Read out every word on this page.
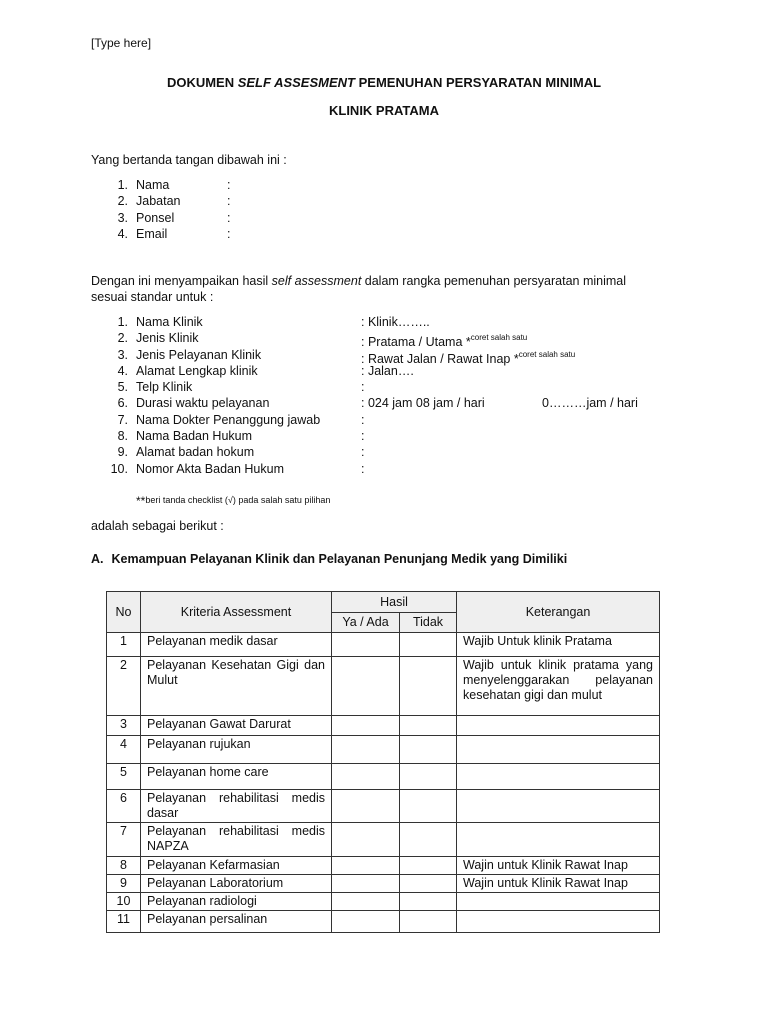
[Type here]
DOKUMEN SELF ASSESMENT PEMENUHAN PERSYARATAN MINIMAL
KLINIK PRATAMA
Yang bertanda tangan dibawah ini :
1. Nama	:
2. Jabatan	:
3. Ponsel	:
4. Email	:
Dengan ini menyampaikan hasil self assessment dalam rangka pemenuhan persyaratan minimal
sesuai standar untuk :
1. Nama Klinik	: Klinik……..
2. Jenis Klinik	: Pratama / Utama *$^{coret salah satu}$
3. Jenis Pelayanan Klinik	: Rawat Jalan / Rawat Inap *$^{coret salah satu}$
4. Alamat Lengkap klinik	: Jalan….
5. Telp Klinik	:
6. Durasi waktu pelayanan	: 024 jam 08 jam / hari	0………jam / hari
7. Nama Dokter Penanggung jawab	:
8. Nama Badan Hukum	:
9. Alamat badan hokum	:
10. Nomor Akta Badan Hukum	:
**beri tanda checklist (√) pada salah satu pilihan
adalah sebagai berikut :
A. Kemampuan Pelayanan Klinik dan Pelayanan Penunjang Medik yang Dimiliki
No	Kriteria Assessment	Hasil		Keterangan
		Ya / Ada	Tidak	
1	Pelayanan medik dasar			Wajib Untuk klinik Pratama
2	Pelayanan Kesehatan Gigi dan Mulut			Wajib untuk klinik pratama yang menyelenggarakan pelayanan kesehatan gigi dan mulut
3	Pelayanan Gawat Darurat			
4	Pelayanan rujukan			
5	Pelayanan home care			
6	Pelayanan rehabilitasi medis dasar			
7	Pelayanan rehabilitasi medis NAPZA			
8	Pelayanan Kefarmasian			Wajin untuk Klinik Rawat Inap
9	Pelayanan Laboratorium			Wajin untuk Klinik Rawat Inap
10	Pelayanan radiologi			
11	Pelayanan persalinan			
